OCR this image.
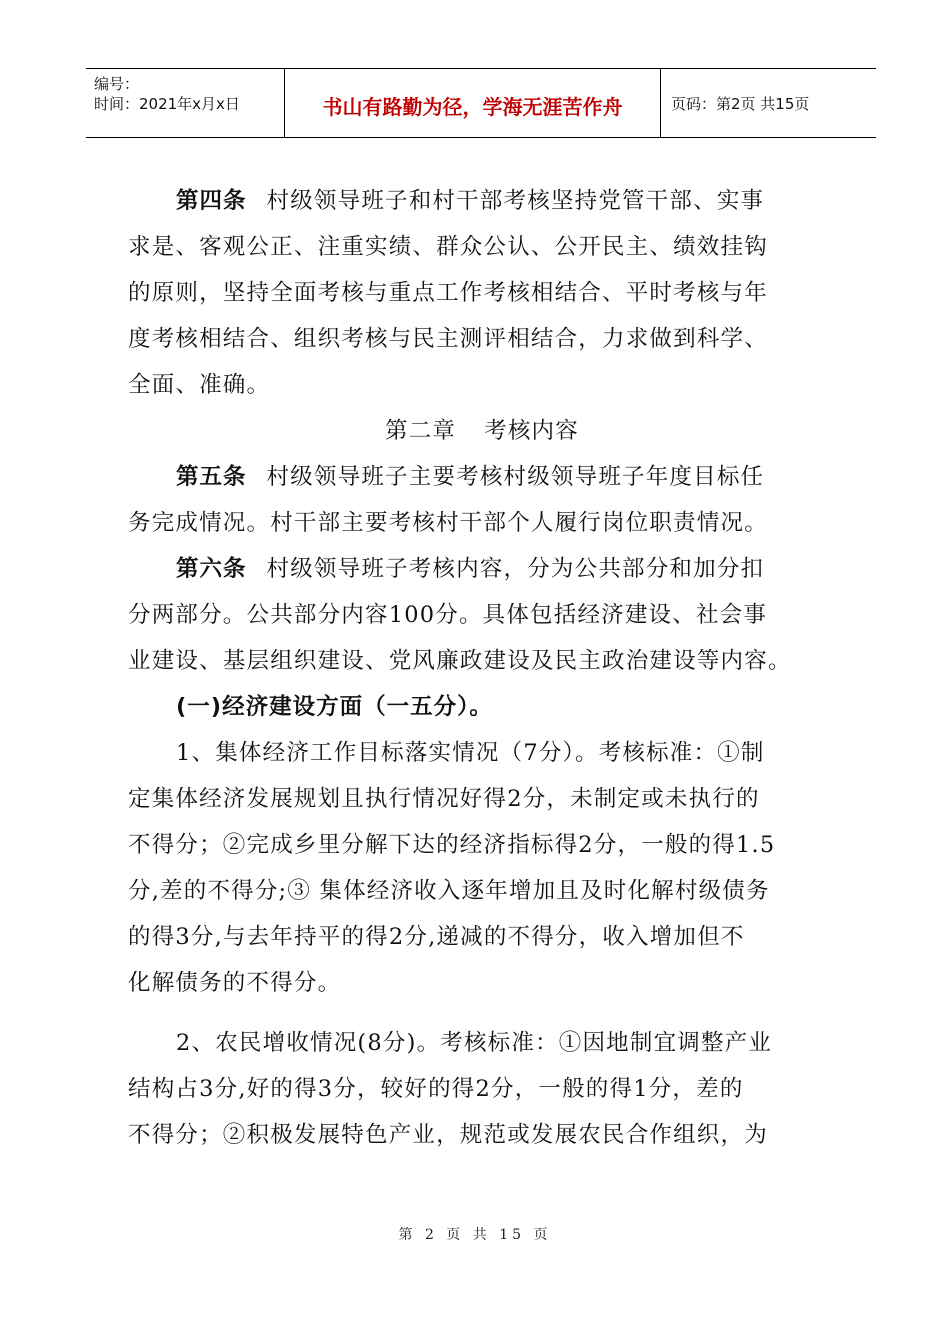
编号：
时间：2021年x月x日	书山有路勤为径，学海无涯苦作舟	页码：第2页 共15页
第四条 村级领导班子和村干部考核坚持党管干部、实事
求是、客观公正、注重实绩、群众公认、公开民主、绩效挂钩
的原则，坚持全面考核与重点工作考核相结合、平时考核与年
度考核相结合、组织考核与民主测评相结合，力求做到科学、
全面、准确。
第二章 考核内容
第五条 村级领导班子主要考核村级领导班子年度目标任
务完成情况。村干部主要考核村干部个人履行岗位职责情况。
第六条 村级领导班子考核内容，分为公共部分和加分扣
分两部分。公共部分内容100分。具体包括经济建设、社会事
业建设、基层组织建设、党风廉政建设及民主政治建设等内容。
(一)经济建设方面（一五分）。
1、集体经济工作目标落实情况（7分）。考核标准：①制
定集体经济发展规划且执行情况好得2分，未制定或未执行的
不得分；②完成乡里分解下达的经济指标得2分，一般的得1.5
分,差的不得分;③ 集体经济收入逐年增加且及时化解村级债务
的得3分,与去年持平的得2分,递减的不得分，收入增加但不
化解债务的不得分。
2、农民增收情况(8分)。考核标准：①因地制宜调整产业
结构占3分,好的得3分，较好的得2分，一般的得1分，差的
不得分；②积极发展特色产业，规范或发展农民合作组织，为
第 2 页 共 15 页
